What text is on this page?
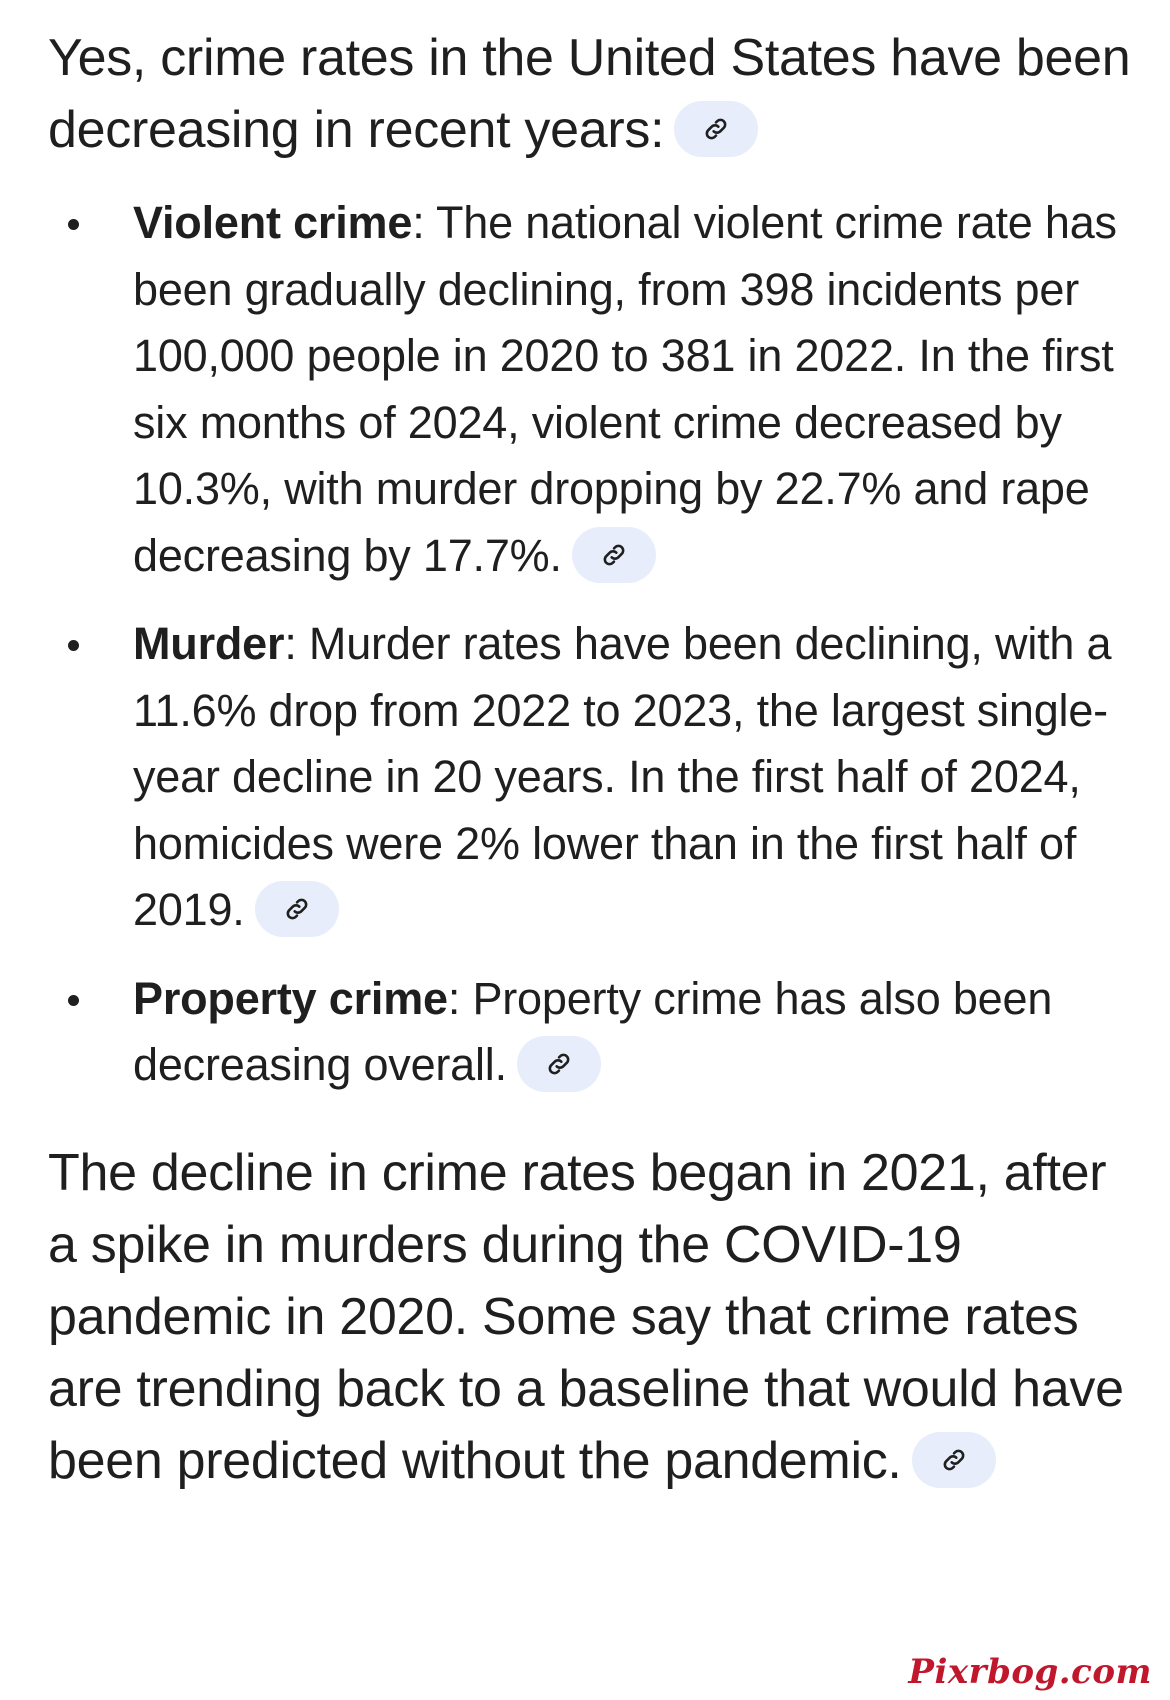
Yes, crime rates in the United States have been decreasing in recent years:

Violent crime: The national violent crime rate has been gradually declining, from 398 incidents per 100,000 people in 2020 to 381 in 2022. In the first six months of 2024, violent crime decreased by 10.3%, with murder dropping by 22.7% and rape decreasing by 17.7%.
Murder: Murder rates have been declining, with a 11.6% drop from 2022 to 2023, the largest single-year decline in 20 years. In the first half of 2024, homicides were 2% lower than in the first half of 2019.
Property crime: Property crime has also been decreasing overall.

The decline in crime rates began in 2021, after a spike in murders during the COVID-19 pandemic in 2020. Some say that crime rates are trending back to a baseline that would have been predicted without the pandemic.

Pixrbog.com
